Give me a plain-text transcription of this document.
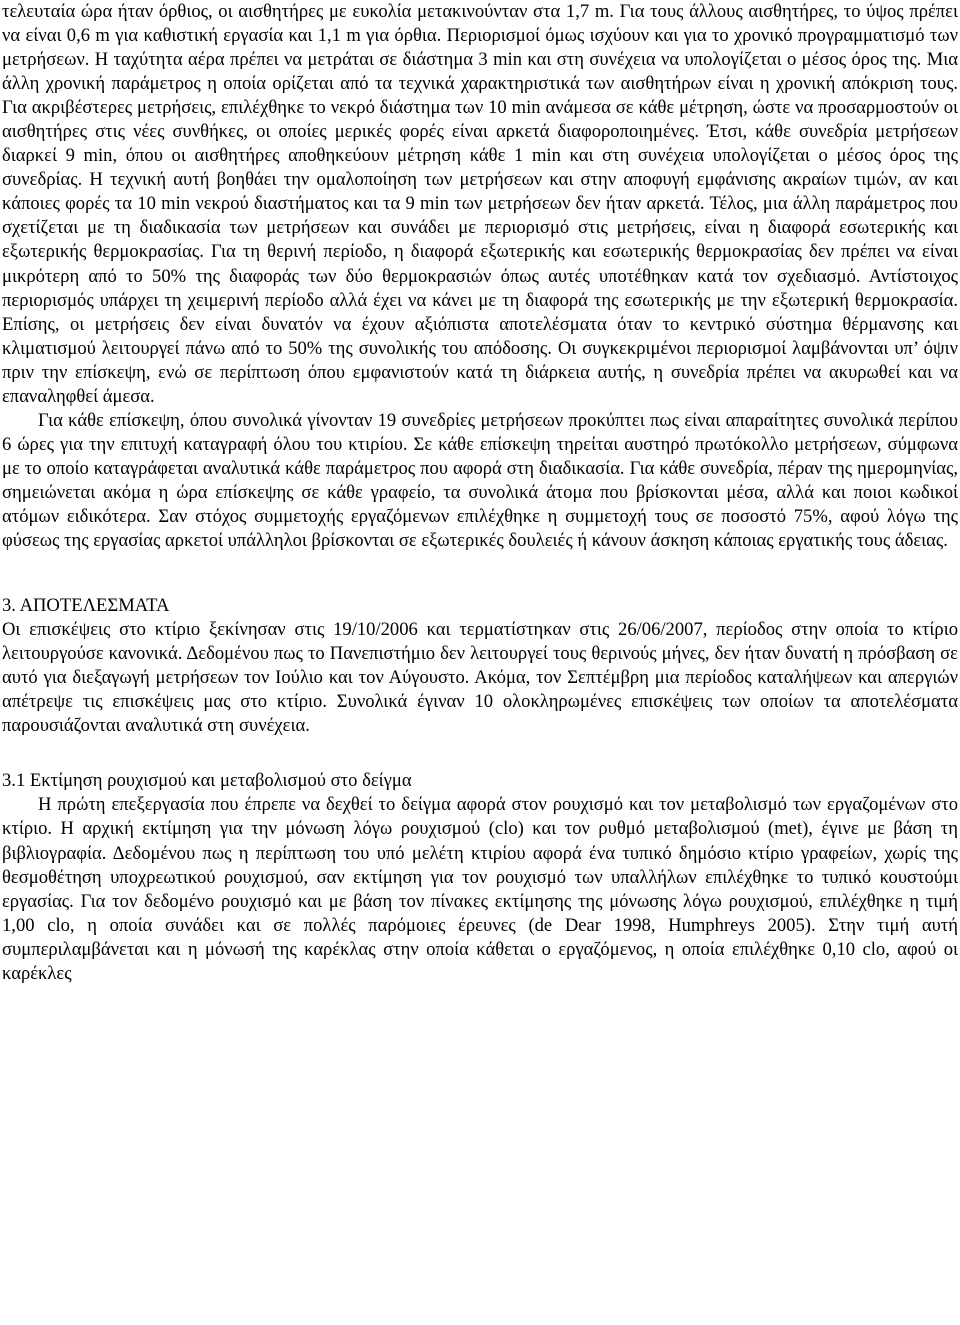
τελευταία ώρα ήταν όρθιος, οι αισθητήρες με ευκολία μετακινούνταν στα 1,7 m. Για τους άλλους αισθητήρες, το ύψος πρέπει να είναι 0,6 m για καθιστική εργασία και 1,1 m για όρθια. Περιορισμοί όμως ισχύουν και για το χρονικό προγραμματισμό των μετρήσεων. Η ταχύτητα αέρα πρέπει να μετράται σε διάστημα 3 min και στη συνέχεια να υπολογίζεται ο μέσος όρος της. Μια άλλη χρονική παράμετρος η οποία ορίζεται από τα τεχνικά χαρακτηριστικά των αισθητήρων είναι η χρονική απόκριση τους. Για ακριβέστερες μετρήσεις, επιλέχθηκε το νεκρό διάστημα των 10 min ανάμεσα σε κάθε μέτρηση, ώστε να προσαρμοστούν οι αισθητήρες στις νέες συνθήκες, οι οποίες μερικές φορές είναι αρκετά διαφοροποιημένες. Έτσι, κάθε συνεδρία μετρήσεων διαρκεί 9 min, όπου οι αισθητήρες αποθηκεύουν μέτρηση κάθε 1 min και στη συνέχεια υπολογίζεται ο μέσος όρος της συνεδρίας. Η τεχνική αυτή βοηθάει την ομαλοποίηση των μετρήσεων και στην αποφυγή εμφάνισης ακραίων τιμών, αν και κάποιες φορές τα 10 min νεκρού διαστήματος και τα 9 min των μετρήσεων δεν ήταν αρκετά. Τέλος, μια άλλη παράμετρος που σχετίζεται με τη διαδικασία των μετρήσεων και συνάδει με περιορισμό στις μετρήσεις, είναι η διαφορά εσωτερικής και εξωτερικής θερμοκρασίας. Για τη θερινή περίοδο, η διαφορά εξωτερικής και εσωτερικής θερμοκρασίας δεν πρέπει να είναι μικρότερη από το 50% της διαφοράς των δύο θερμοκρασιών όπως αυτές υποτέθηκαν κατά τον σχεδιασμό. Αντίστοιχος περιορισμός υπάρχει τη χειμερινή περίοδο αλλά έχει να κάνει με τη διαφορά της εσωτερικής με την εξωτερική θερμοκρασία. Επίσης, οι μετρήσεις δεν είναι δυνατόν να έχουν αξιόπιστα αποτελέσματα όταν το κεντρικό σύστημα θέρμανσης και κλιματισμού λειτουργεί πάνω από το 50% της συνολικής του απόδοσης. Οι συγκεκριμένοι περιορισμοί λαμβάνονται υπ’ όψιν πριν την επίσκεψη, ενώ σε περίπτωση όπου εμφανιστούν κατά τη διάρκεια αυτής, η συνεδρία πρέπει να ακυρωθεί και να επαναληφθεί άμεσα.

Για κάθε επίσκεψη, όπου συνολικά γίνονταν 19 συνεδρίες μετρήσεων προκύπτει πως είναι απαραίτητες συνολικά περίπου 6 ώρες για την επιτυχή καταγραφή όλου του κτιρίου. Σε κάθε επίσκεψη τηρείται αυστηρό πρωτόκολλο μετρήσεων, σύμφωνα με το οποίο καταγράφεται αναλυτικά κάθε παράμετρος που αφορά στη διαδικασία. Για κάθε συνεδρία, πέραν της ημερομηνίας, σημειώνεται ακόμα η ώρα επίσκεψης σε κάθε γραφείο, τα συνολικά άτομα που βρίσκονται μέσα, αλλά και ποιοι κωδικοί ατόμων ειδικότερα. Σαν στόχος συμμετοχής εργαζόμενων επιλέχθηκε η συμμετοχή τους σε ποσοστό 75%, αφού λόγω της φύσεως της εργασίας αρκετοί υπάλληλοι βρίσκονται σε εξωτερικές δουλειές ή κάνουν άσκηση κάποιας εργατικής τους άδειας.

3. ΑΠΟΤΕΛΕΣΜΑΤΑ

Οι επισκέψεις στο κτίριο ξεκίνησαν στις 19/10/2006 και τερματίστηκαν στις 26/06/2007, περίοδος στην οποία το κτίριο λειτουργούσε κανονικά. Δεδομένου πως το Πανεπιστήμιο δεν λειτουργεί τους θερινούς μήνες, δεν ήταν δυνατή η πρόσβαση σε αυτό για διεξαγωγή μετρήσεων τον Ιούλιο και τον Αύγουστο. Ακόμα, τον Σεπτέμβρη μια περίοδος καταλήψεων και απεργιών απέτρεψε τις επισκέψεις μας στο κτίριο. Συνολικά έγιναν 10 ολοκληρωμένες επισκέψεις των οποίων τα αποτελέσματα παρουσιάζονται αναλυτικά στη συνέχεια.

3.1 Εκτίμηση ρουχισμού και μεταβολισμού στο δείγμα

Η πρώτη επεξεργασία που έπρεπε να δεχθεί το δείγμα αφορά στον ρουχισμό και τον μεταβολισμό των εργαζομένων στο κτίριο. Η αρχική εκτίμηση για την μόνωση λόγω ρουχισμού (clo) και τον ρυθμό μεταβολισμού (met), έγινε με βάση τη βιβλιογραφία. Δεδομένου πως η περίπτωση του υπό μελέτη κτιρίου αφορά ένα τυπικό δημόσιο κτίριο γραφείων, χωρίς της θεσμοθέτηση υποχρεωτικού ρουχισμού, σαν εκτίμηση για τον ρουχισμό των υπαλλήλων επιλέχθηκε το τυπικό κουστούμι εργασίας. Για τον δεδομένο ρουχισμό και με βάση τον πίνακες εκτίμησης της μόνωσης λόγω ρουχισμού, επιλέχθηκε η τιμή 1,00 clo, η οποία συνάδει και σε πολλές παρόμοιες έρευνες (de Dear 1998, Humphreys 2005). Στην τιμή αυτή συμπεριλαμβάνεται και η μόνωσή της καρέκλας στην οποία κάθεται ο εργαζόμενος, η οποία επιλέχθηκε 0,10 clo, αφού οι καρέκλες
